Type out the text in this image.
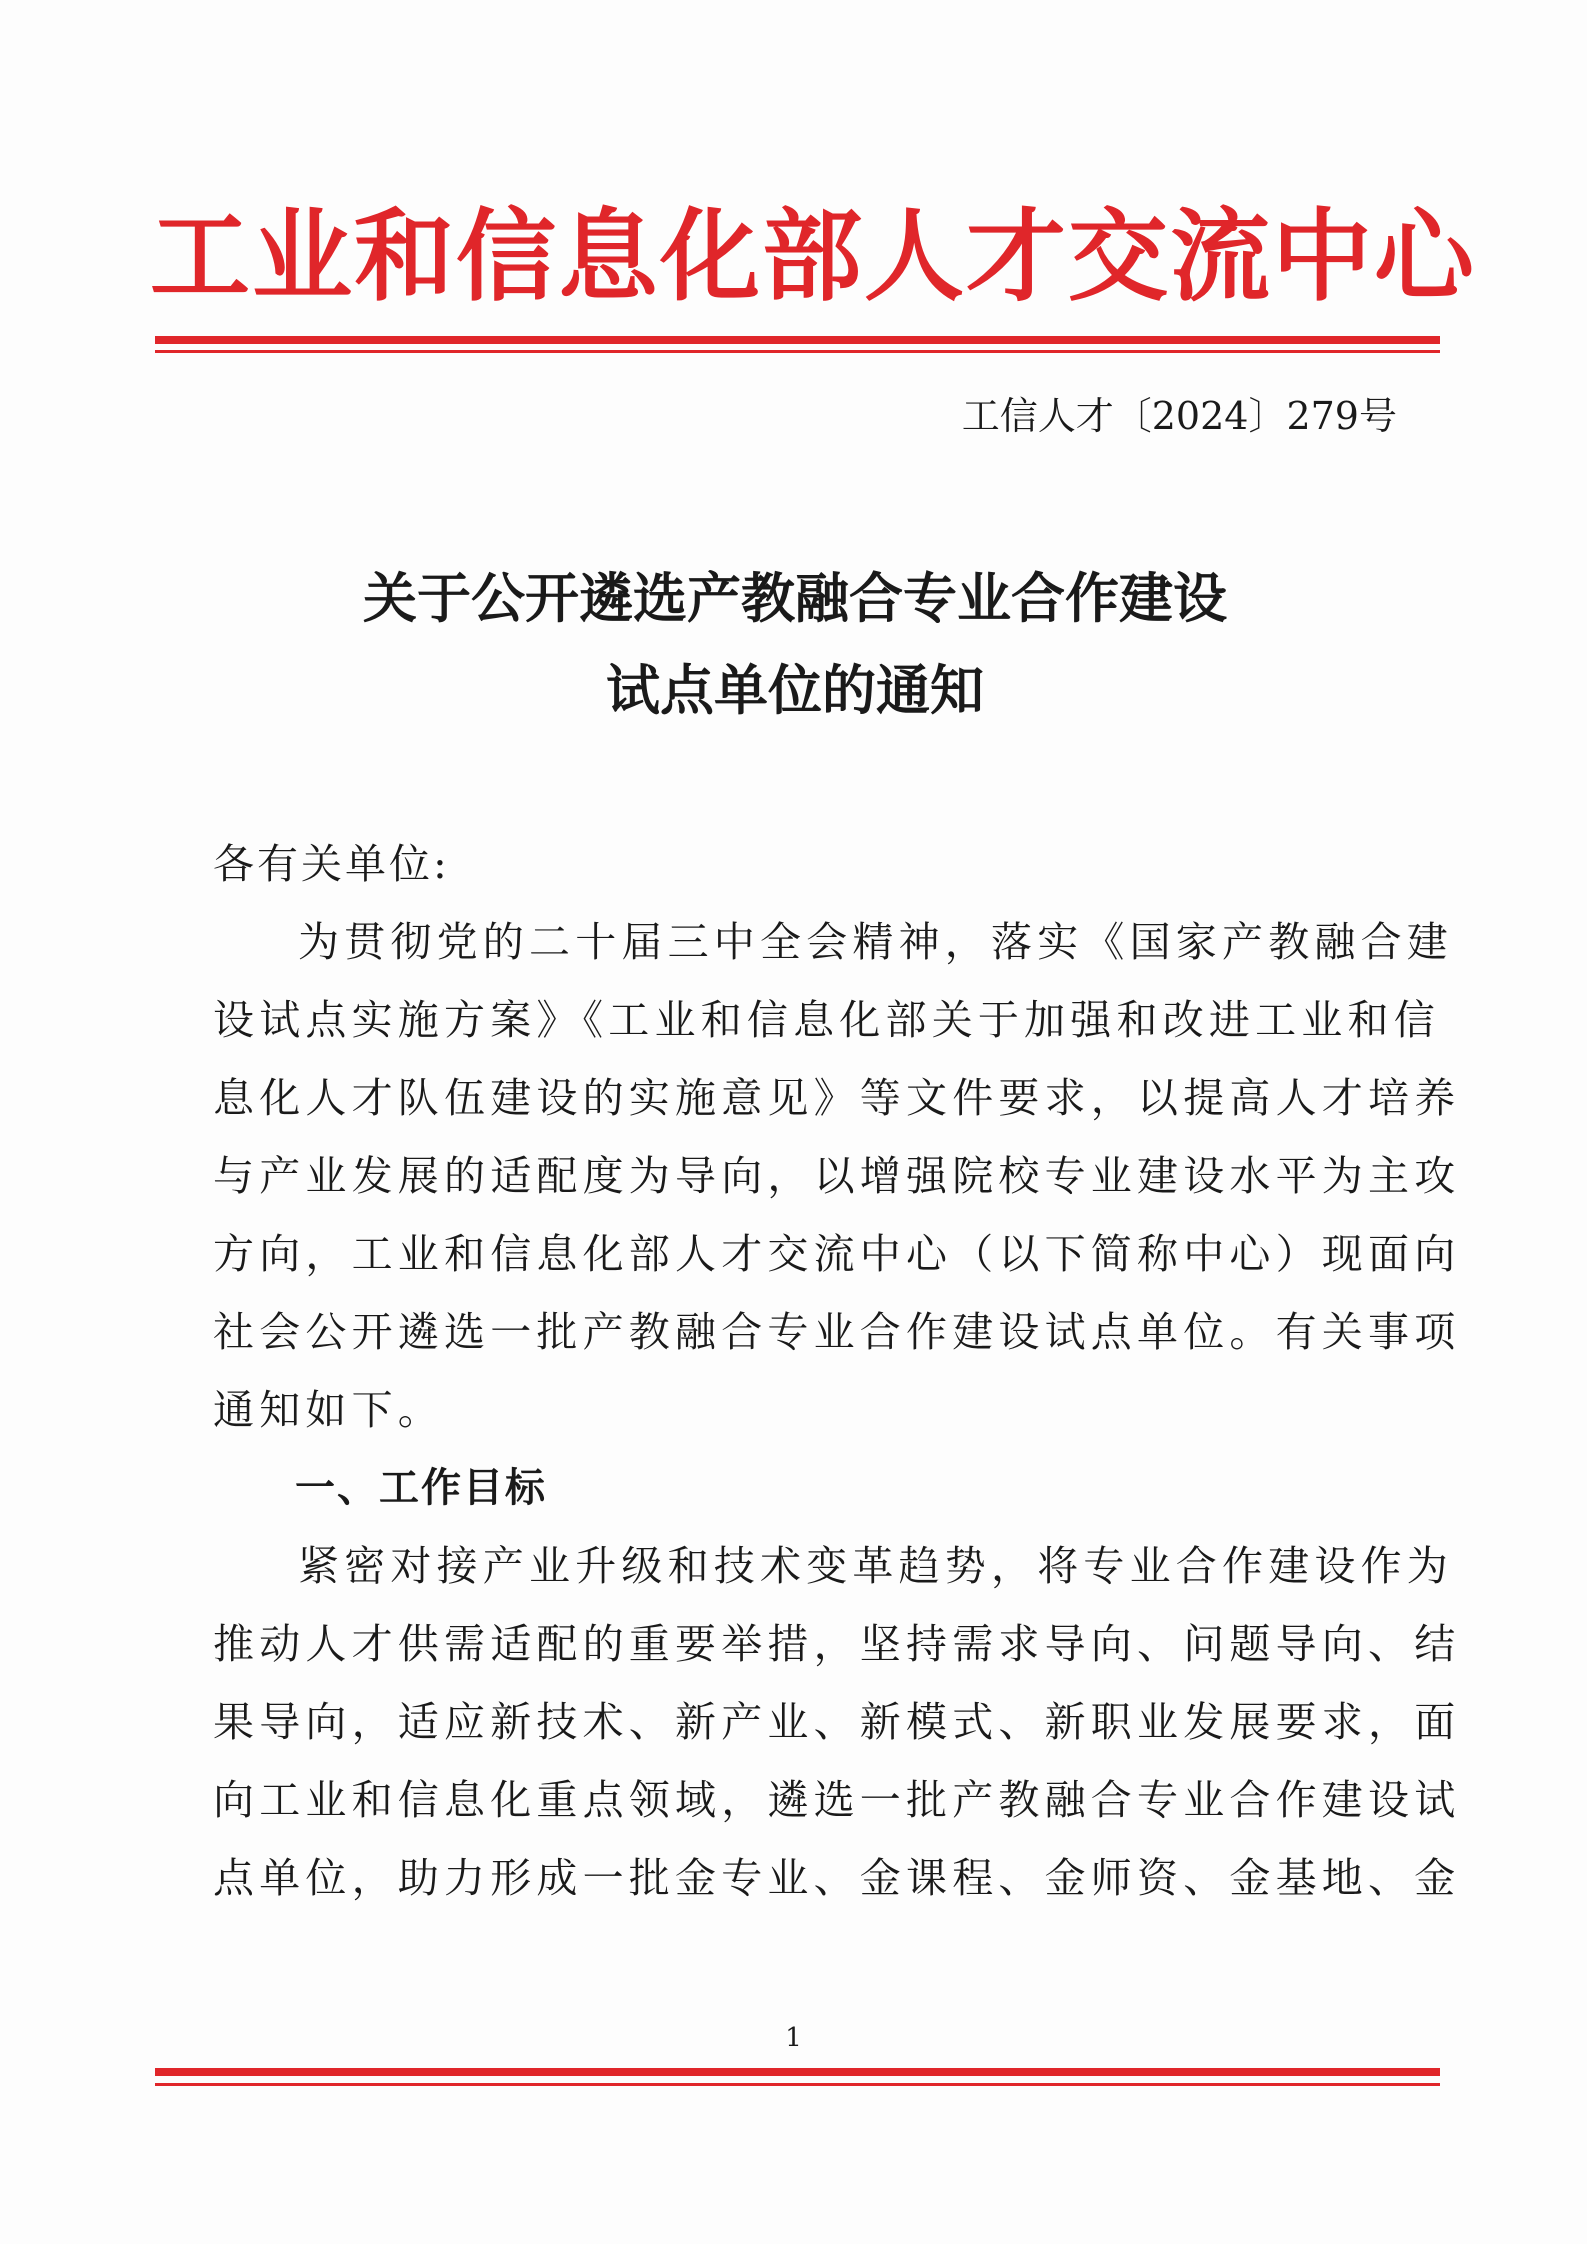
工业和信息化部人才交流中心
工信人才〔2024〕279号
关于公开遴选产教融合专业合作建设
试点单位的通知
各有关单位:
为贯彻党的二十届三中全会精神，落实《国家产教融合建
设试点实施方案》《工业和信息化部关于加强和改进工业和信
息化人才队伍建设的实施意见》等文件要求，以提高人才培养
与产业发展的适配度为导向，以增强院校专业建设水平为主攻
方向，工业和信息化部人才交流中心（以下简称中心）现面向
社会公开遴选一批产教融合专业合作建设试点单位。有关事项
通知如下。
一、工作目标
紧密对接产业升级和技术变革趋势，将专业合作建设作为
推动人才供需适配的重要举措，坚持需求导向、问题导向、结
果导向，适应新技术、新产业、新模式、新职业发展要求，面
向工业和信息化重点领域，遴选一批产教融合专业合作建设试
点单位，助力形成一批金专业、金课程、金师资、金基地、金
1
